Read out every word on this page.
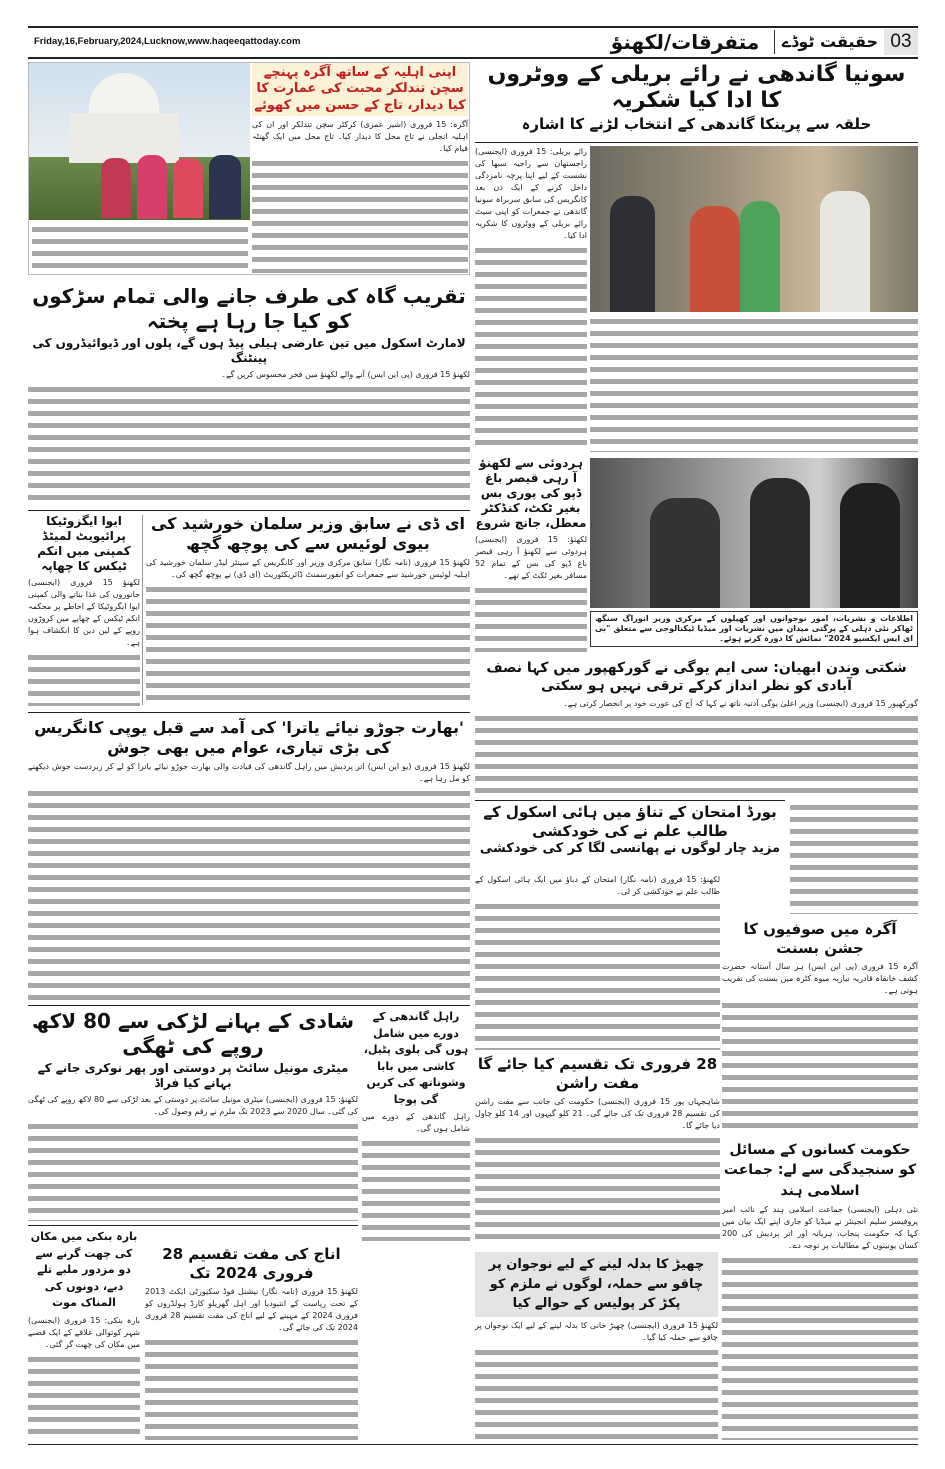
Friday,16,February,2024,Lucknow,www.haqeeqattoday.com	متفرقات/لکھنؤ	حقیقت ٹوڈے 03
اپنی اہلیہ کے ساتھ آگرہ پہنچے سچن تندلکر محبت کی عمارت کا کیا دیدار، تاج کے حسن میں کھوئے
آگرہ: 15 فروری (اشیر عمری) کرکٹر سچن تندلکر اور ان کی اہلیہ انجلی نے تاج محل کا دیدار کیا۔ تاج محل میں ایک گھنٹہ قیام کیا۔
سونیا گاندھی نے رائے بریلی کے ووٹروں کا ادا کیا شکریہ
حلقہ سے پرینکا گاندھی کے انتخاب لڑنے کا اشارہ
رائے بریلی: 15 فروری (ایجنسی) راجستھان سے راجیہ سبھا کی نشست کے لیے اپنا پرچہ نامزدگی داخل کرنے کے ایک دن بعد کانگریس کی سابق سربراہ سونیا گاندھی نے جمعرات کو اپنی سیٹ رائے بریلی کے ووٹروں کا شکریہ ادا کیا۔
تقریب گاہ کی طرف جانے والی تمام سڑکوں کو کیا جا رہا ہے پختہ
لامارٹ اسکول میں تین عارضی ہیلی پیڈ ہوں گے، پلوں اور ڈیوائیڈروں کی پینٹنگ
لکھنؤ 15 فروری (پی این ایس) آنے والے لکھنؤ میں فخر محسوس کریں گے۔
ہردوئی سے لکھنؤ آ رہی قیصر باغ ڈپو کی پوری بس بغیر ٹکٹ، کنڈکٹر معطل، جانچ شروع
لکھنؤ: 15 فروری (ایجنسی) ہردوئی سے لکھنؤ آ رہی قیصر باغ ڈپو کی بس کے تمام 52 مسافر بغیر ٹکٹ کے تھے۔
اطلاعات و نشریات، امور نوجوانوں اور کھیلوں کے مرکزی وزیر انوراگ سنگھ ٹھاکر نئی دہلی کے پرگتی میدان میں نشریات اور میڈیا ٹیکنالوجی سے متعلق "بی ای ایس ایکسپو 2024" نمائش کا دورہ کرتے ہوئے۔
ای ڈی نے سابق وزیر سلمان خورشید کی بیوی لوئیس سے کی پوچھ گچھ
لکھنؤ 15 فروری (نامہ نگار) سابق مرکزی وزیر اور کانگریس کے سینئر لیڈر سلمان خورشید کی اہلیہ لوئیس خورشید سے جمعرات کو انفورسمنٹ ڈائریکٹوریٹ (ای ڈی) نے پوچھ گچھ کی۔
ایوا ایگزوٹیکا پرائیویٹ لمیٹڈ کمپنی میں انکم ٹیکس کا چھاپہ
لکھنؤ 15 فروری (ایجنسی) جانوروں کی غذا بنانے والی کمپنی ایوا ایگزوٹیکا کے احاطے پر محکمہ انکم ٹیکس کے چھاپے میں کروڑوں روپے کے لین دین کا انکشاف ہوا ہے۔
شکتی وندن ابھیان: سی ایم یوگی نے گورکھپور میں کہا نصف آبادی کو نظر انداز کرکے ترقی نہیں ہو سکتی
گورکھپور 15 فروری (ایجنسی) وزیر اعلیٰ یوگی آدتیہ ناتھ نے کہا کہ آج کی عورت خود پر انحصار کرتی ہے۔
'بھارت جوڑو نیائے یاترا' کی آمد سے قبل یوپی کانگریس کی بڑی تیاری، عوام میں بھی جوش
لکھنؤ 15 فروری (یو این ایس) اتر پردیش میں راہل گاندھی کی قیادت والی بھارت جوڑو نیائے یاترا کو لے کر زبردست جوش دیکھنے کو مل رہا ہے۔
بورڈ امتحان کے تناؤ میں ہائی اسکول کے طالب علم نے کی خودکشی
مزید چار لوگوں نے پھانسی لگا کر کی خودکشی
لکھنؤ: 15 فروری (نامہ نگار) امتحان کے دباؤ میں ایک ہائی اسکول کے طالب علم نے خودکشی کر لی۔
آگرہ میں صوفیوں کا جشن بسنت
آگرہ 15 فروری (پی این ایس) ہر سال آستانہ حضرت کشف خانقاہ قادریہ نیازیہ میوہ کٹرہ میں بسنت کی تقریب ہوتی ہے۔
شادی کے بہانے لڑکی سے 80 لاکھ روپے کی ٹھگی
میٹری مونیل سائٹ پر دوستی اور پھر نوکری جانے کے بہانے کیا فراڈ
لکھنؤ: 15 فروری (ایجنسی) میٹری مونیل سائٹ پر دوستی کے بعد لڑکی سے 80 لاکھ روپے کی ٹھگی کی گئی۔ سال 2020 سے 2023 تک ملزم نے رقم وصول کی۔
راہل گاندھی کے دورے میں شامل ہوں گی پلوی پٹیل، کاشی میں بابا وشوناتھ کی کریں گی پوجا
راہل گاندھی کے دورے میں شامل ہوں گی۔
28 فروری تک تقسیم کیا جائے گا مفت راشن
شاہجہاں پور 15 فروری (ایجنسی) حکومت کی جانب سے مفت راشن کی تقسیم 28 فروری تک کی جائے گی۔ 21 کلو گیہوں اور 14 کلو چاول دیا جائے گا۔
حکومت کسانوں کے مسائل کو سنجیدگی سے لے: جماعت اسلامی ہند
نئی دہلی (ایجنسی) جماعت اسلامی ہند کے نائب امیر پروفیسر سلیم انجینئر نے میڈیا کو جاری اپنے ایک بیان میں کہا کہ حکومت پنجاب، ہریانہ اور اتر پردیش کی 200 کسان یونینوں کے مطالبات پر توجہ دے۔
بارہ بنکی میں مکان کی چھت گرنے سے دو مزدور ملبے تلے دبے، دونوں کی المناک موت
بارہ بنکی: 15 فروری (ایجنسی) شہر کوتوالی علاقے کے ایک قصبے میں مکان کی چھت گر گئی۔
اناج کی مفت تقسیم 28 فروری 2024 تک
لکھنؤ 15 فروری (نامہ نگار) نیشنل فوڈ سکیورٹی ایکٹ 2013 کے تحت ریاست کے انتیودیا اور اہل گھریلو کارڈ ہولڈروں کو فروری 2024 کے مہینے کے لیے اناج کی مفت تقسیم 28 فروری 2024 تک کی جائے گی۔
چھیڑ کا بدلہ لینے کے لیے نوجوان پر چاقو سے حملہ، لوگوں نے ملزم کو پکڑ کر پولیس کے حوالے کیا
لکھنؤ 15 فروری (ایجنسی) چھیڑ خانی کا بدلہ لینے کے لیے ایک نوجوان پر چاقو سے حملہ کیا گیا۔
